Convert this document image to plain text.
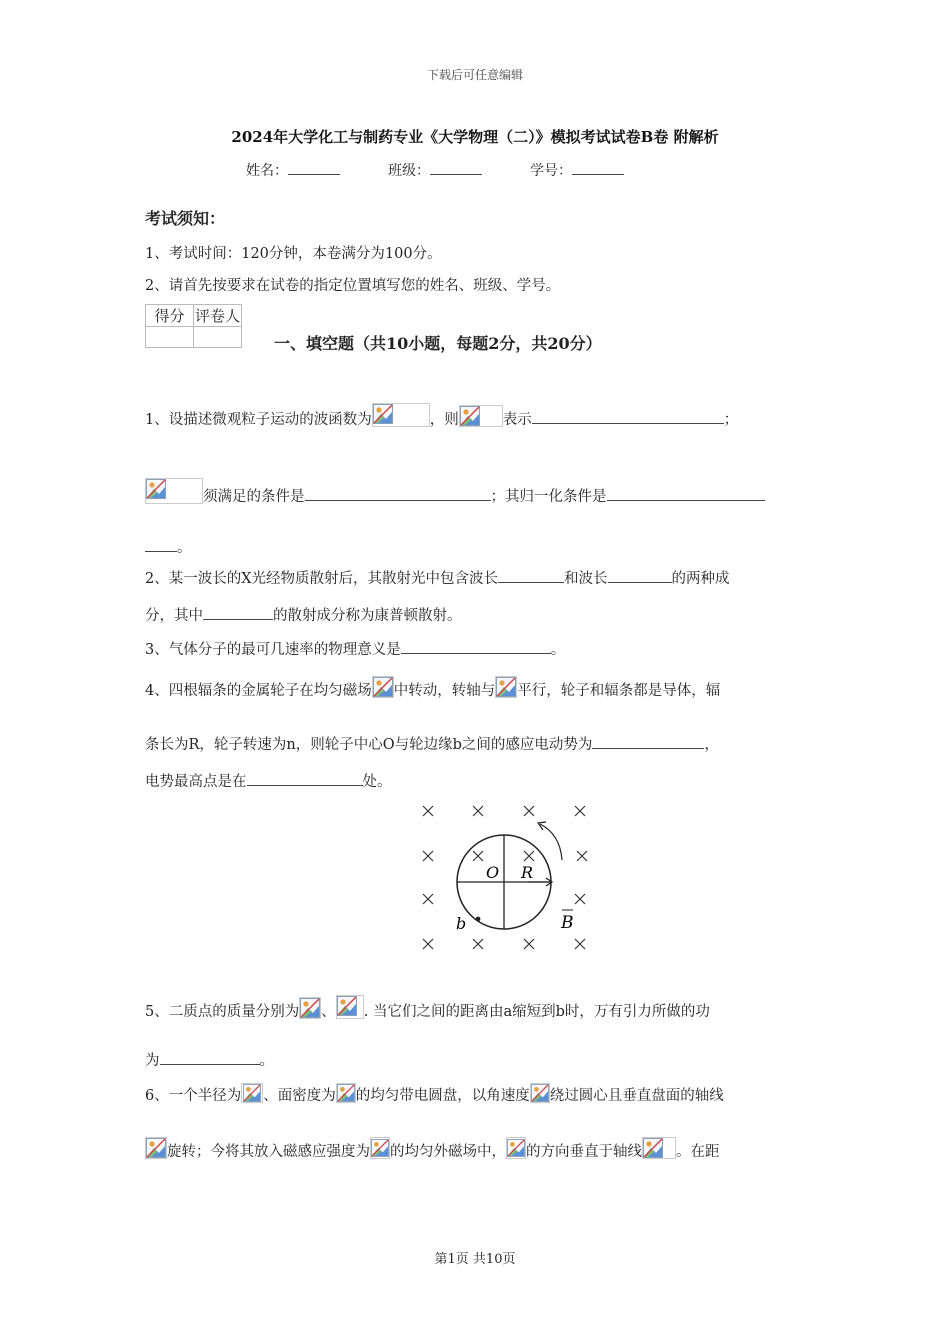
下载后可任意编辑
2024年大学化工与制药专业《大学物理（二）》模拟考试试卷B卷 附解析
姓名：	班级：	学号：
考试须知：
1、考试时间：120分钟，本卷满分为100分。
2、请首先按要求在试卷的指定位置填写您的姓名、班级、学号。
得分	评卷人

一、填空题（共10小题，每题2分，共20分）
1、设描述微观粒子运动的波函数为	，则	表示	；
须满足的条件是	；其归一化条件是
。
2、某一波长的X光经物质散射后，其散射光中包含波长	和波长	的两种成
分，其中	的散射成分称为康普顿散射。
3、气体分子的最可几速率的物理意义是	。
4、四根辐条的金属轮子在均匀磁场 中转动，转轴与 平行，轮子和辐条都是导体，辐
条长为R，轮子转速为n，则轮子中心O与轮边缘b之间的感应电动势为	，
电势最高点是在	处。
O R
b	B
5、二质点的质量分别为 、 . 当它们之间的距离由a缩短到b时，万有引力所做的功
为	。
6、一个半径为 、面密度为 的均匀带电圆盘，以角速度 绕过圆心且垂直盘面的轴线
旋转；今将其放入磁感应强度为 的均匀外磁场中， 的方向垂直于轴线 。在距
第1页 共10页
